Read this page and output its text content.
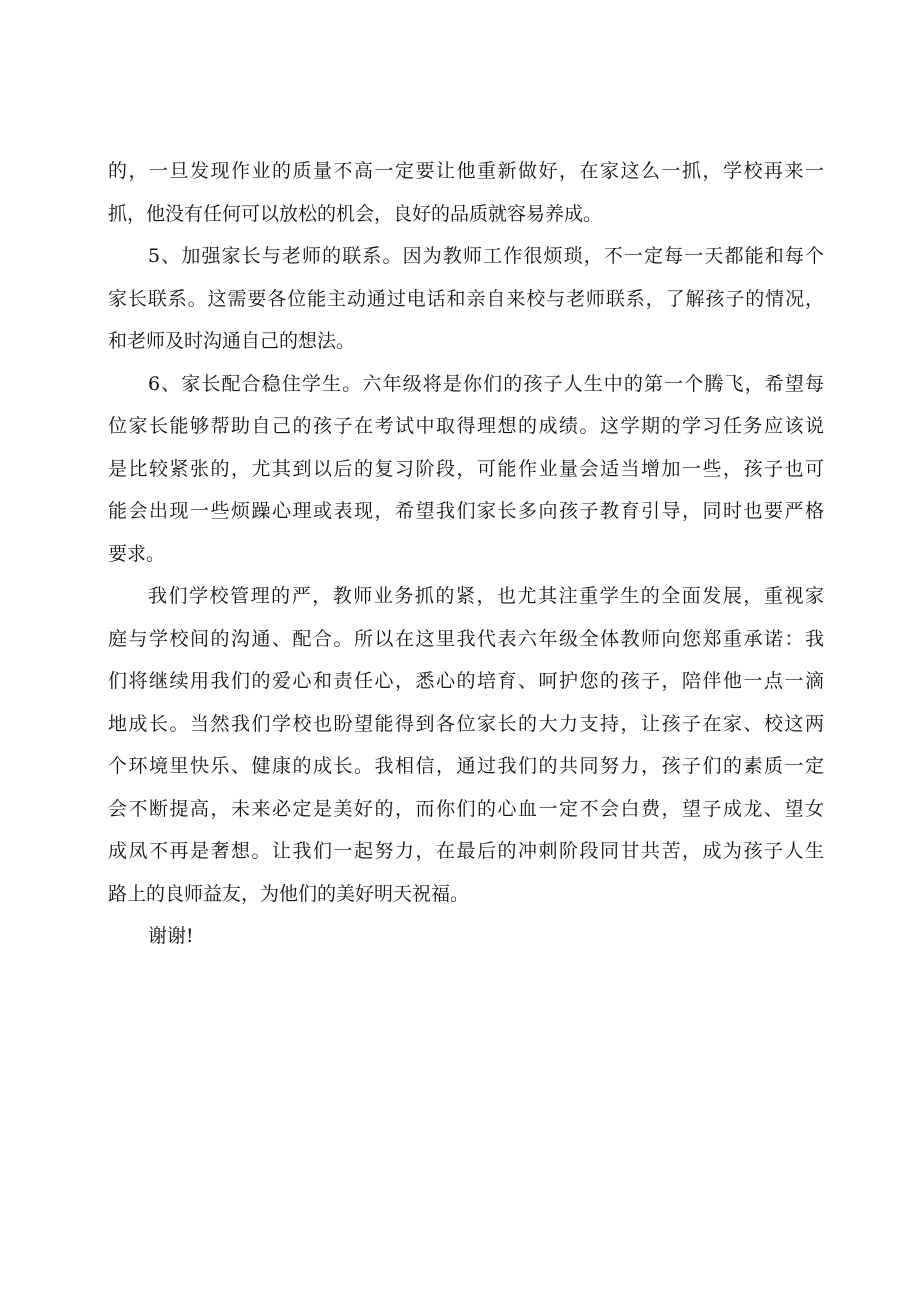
的，一旦发现作业的质量不高一定要让他重新做好，在家这么一抓，学校再来一
抓，他没有任何可以放松的机会，良好的品质就容易养成。
5、加强家长与老师的联系。因为教师工作很烦琐，不一定每一天都能和每个
家长联系。这需要各位能主动通过电话和亲自来校与老师联系，了解孩子的情况，
和老师及时沟通自己的想法。
6、家长配合稳住学生。六年级将是你们的孩子人生中的第一个腾飞，希望每
位家长能够帮助自己的孩子在考试中取得理想的成绩。这学期的学习任务应该说
是比较紧张的，尤其到以后的复习阶段，可能作业量会适当增加一些，孩子也可
能会出现一些烦躁心理或表现，希望我们家长多向孩子教育引导，同时也要严格
要求。
我们学校管理的严，教师业务抓的紧，也尤其注重学生的全面发展，重视家
庭与学校间的沟通、配合。所以在这里我代表六年级全体教师向您郑重承诺：我
们将继续用我们的爱心和责任心，悉心的培育、呵护您的孩子，陪伴他一点一滴
地成长。当然我们学校也盼望能得到各位家长的大力支持，让孩子在家、校这两
个环境里快乐、健康的成长。我相信，通过我们的共同努力，孩子们的素质一定
会不断提高，未来必定是美好的，而你们的心血一定不会白费，望子成龙、望女
成凤不再是奢想。让我们一起努力，在最后的冲刺阶段同甘共苦，成为孩子人生
路上的良师益友，为他们的美好明天祝福。
谢谢!
